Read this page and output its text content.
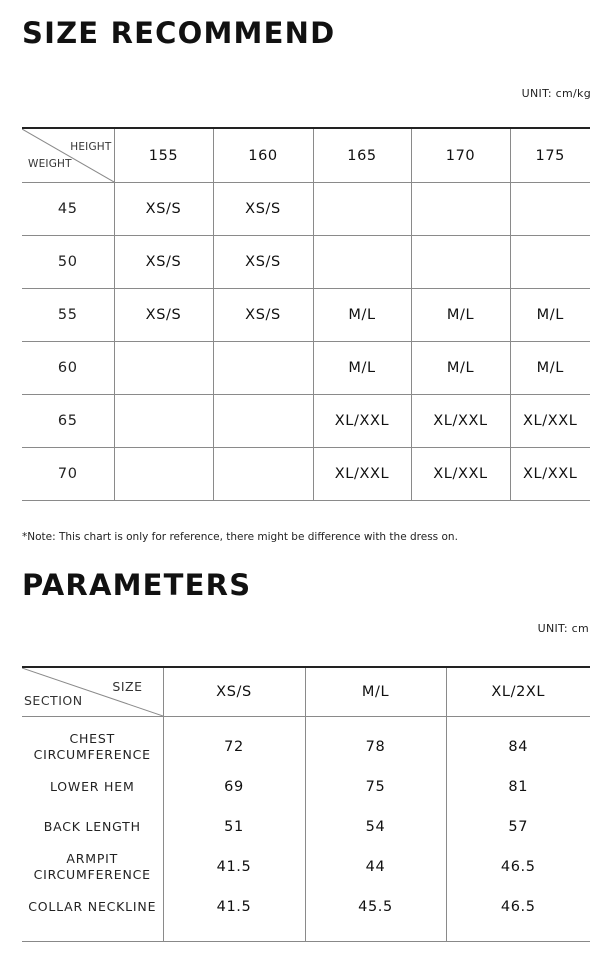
SIZE RECOMMEND
UNIT: cm/kg
HEIGHT
WEIGHT	155	160	165	170	175
45	XS/S	XS/S			
50	XS/S	XS/S			
55	XS/S	XS/S	M/L	M/L	M/L
60			M/L	M/L	M/L
65			XL/XXL	XL/XXL	XL/XXL
70			XL/XXL	XL/XXL	XL/XXL
*Note: This chart is only for reference, there might be difference with the dress on.
PARAMETERS
UNIT: cm
SIZE
SECTION	XS/S	M/L	XL/2XL
CHEST
CIRCUMFERENCE	72	78	84
LOWER HEM	69	75	81
BACK LENGTH	51	54	57
ARMPIT
CIRCUMFERENCE	41.5	44	46.5
COLLAR NECKLINE	41.5	45.5	46.5
